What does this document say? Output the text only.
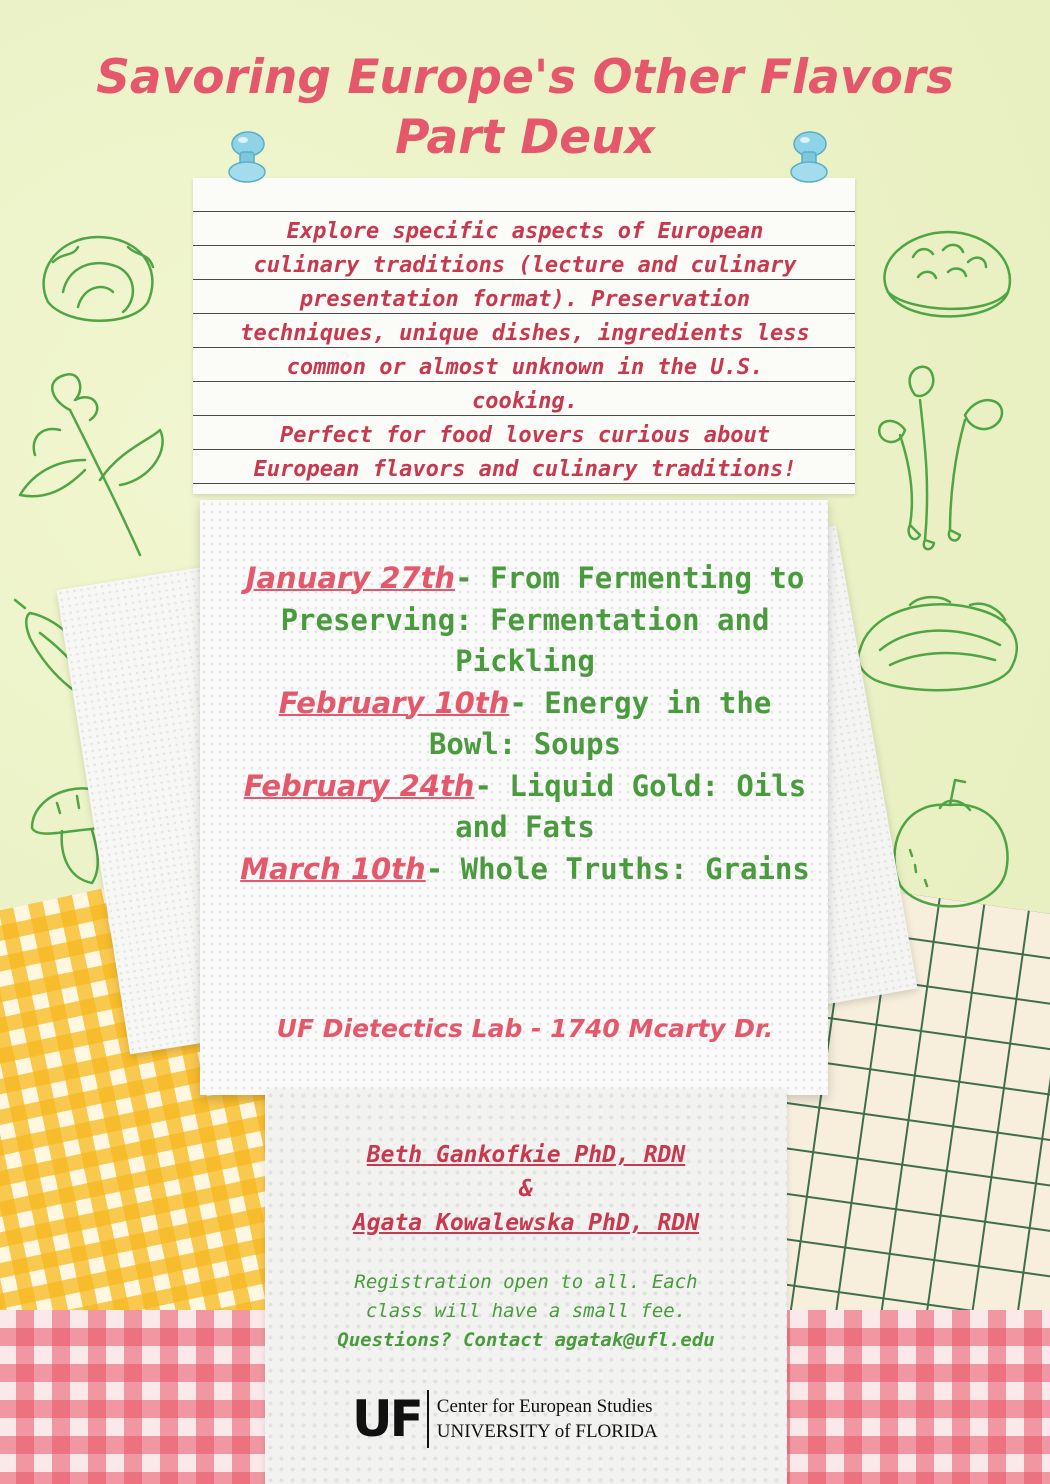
Savoring Europe's Other Flavors
Part Deux
Explore specific aspects of European
culinary traditions (lecture and culinary
presentation format). Preservation
techniques, unique dishes, ingredients less
common or almost unknown in the U.S.
cooking.
Perfect for food lovers curious about
European flavors and culinary traditions!
January 27th- From Fermenting to Preserving: Fermentation and Pickling
February 10th- Energy in the Bowl: Soups
February 24th- Liquid Gold: Oils and Fats
March 10th- Whole Truths: Grains
UF Dietectics Lab - 1740 Mcarty Dr.
Beth Gankofkie PhD, RDN
&
Agata Kowalewska PhD, RDN
Registration open to all. Each
class will have a small fee.
Questions? Contact agatak@ufl.edu
UF Center for European Studies
UNIVERSITY of FLORIDA
